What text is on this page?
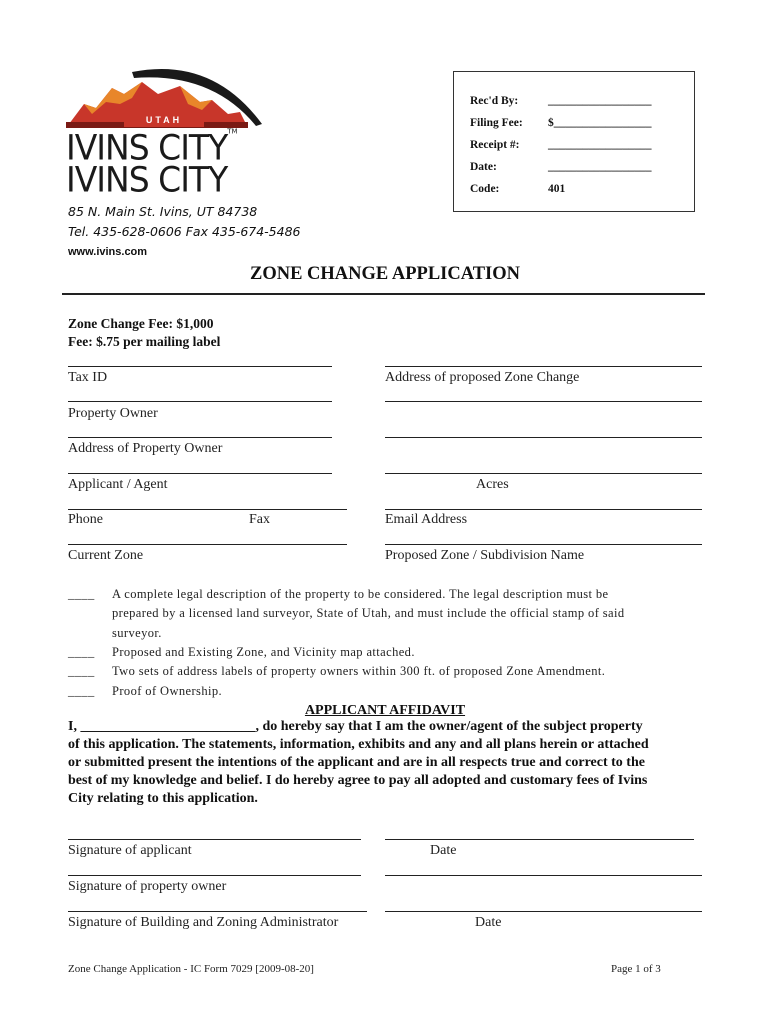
UTAH
IVINS CITY™
IVINS CITY
85 N. Main St. Ivins, UT 84738
Tel. 435-628-0606 Fax 435-674-5486
www.ivins.com
Rec'd By:	__________________
Filing Fee: $_________________
Receipt #: __________________
Date:	__________________
Code:	401
ZONE CHANGE APPLICATION
Zone Change Fee: $1,000
Fee: $.75 per mailing label
Tax ID	Address of proposed Zone Change
Property Owner
Address of Property Owner
Applicant / Agent	Acres
Phone	Fax	Email Address
Current Zone	Proposed Zone / Subdivision Name
____ A complete legal description of the property to be considered. The legal description must be
prepared by a licensed land surveyor, State of Utah, and must include the official stamp of said
surveyor.
____ Proposed and Existing Zone, and Vicinity map attached.
____ Two sets of address labels of property owners within 300 ft. of proposed Zone Amendment.
____ Proof of Ownership.
APPLICANT AFFIDAVIT
I, _________________________, do hereby say that I am the owner/agent of the subject property
of this application. The statements, information, exhibits and any and all plans herein or attached
or submitted present the intentions of the applicant and are in all respects true and correct to the
best of my knowledge and belief. I do hereby agree to pay all adopted and customary fees of Ivins
City relating to this application.
Signature of applicant	Date
Signature of property owner
Signature of Building and Zoning Administrator	Date
Zone Change Application - IC Form 7029 [2009-08-20]	Page 1 of 3
